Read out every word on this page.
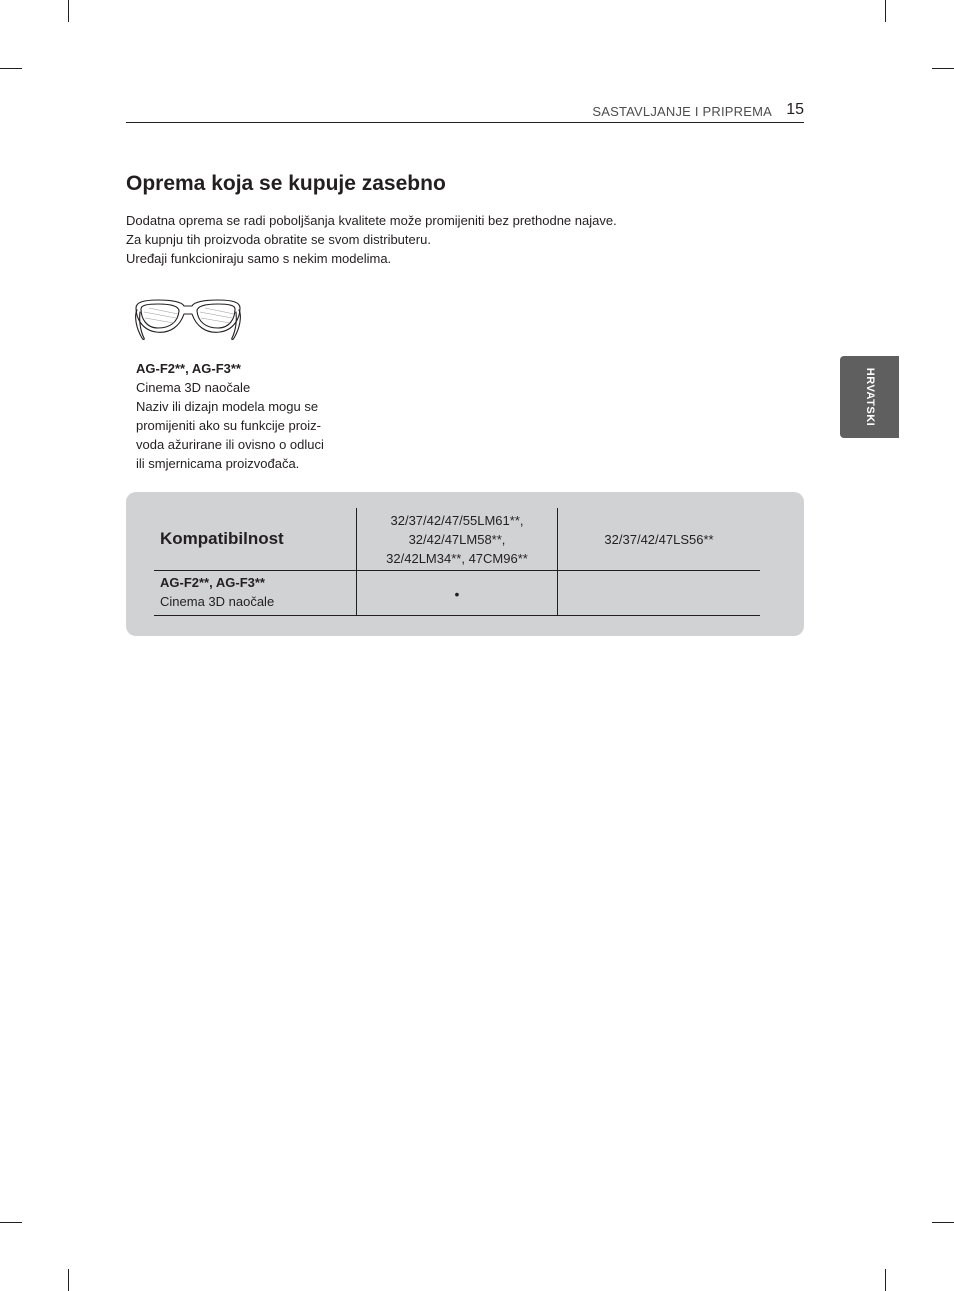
SASTAVLJANJE I PRIPREMA 15
HRVATSKI
Oprema koja se kupuje zasebno
Dodatna oprema se radi poboljšanja kvalitete može promijeniti bez prethodne najave.
Za kupnju tih proizvoda obratite se svom distributeru.
Uređaji funkcioniraju samo s nekim modelima.
AG-F2**, AG-F3**
Cinema 3D naočale
Naziv ili dizajn modela mogu se
promijeniti ako su funkcije proiz-
voda ažurirane ili ovisno o odluci
ili smjernicama proizvođača.
Kompatibilnost
32/37/42/47/55LM61**,
32/42/47LM58**,
32/42LM34**, 47CM96**
32/37/42/47LS56**
AG-F2**, AG-F3**
Cinema 3D naočale	•
